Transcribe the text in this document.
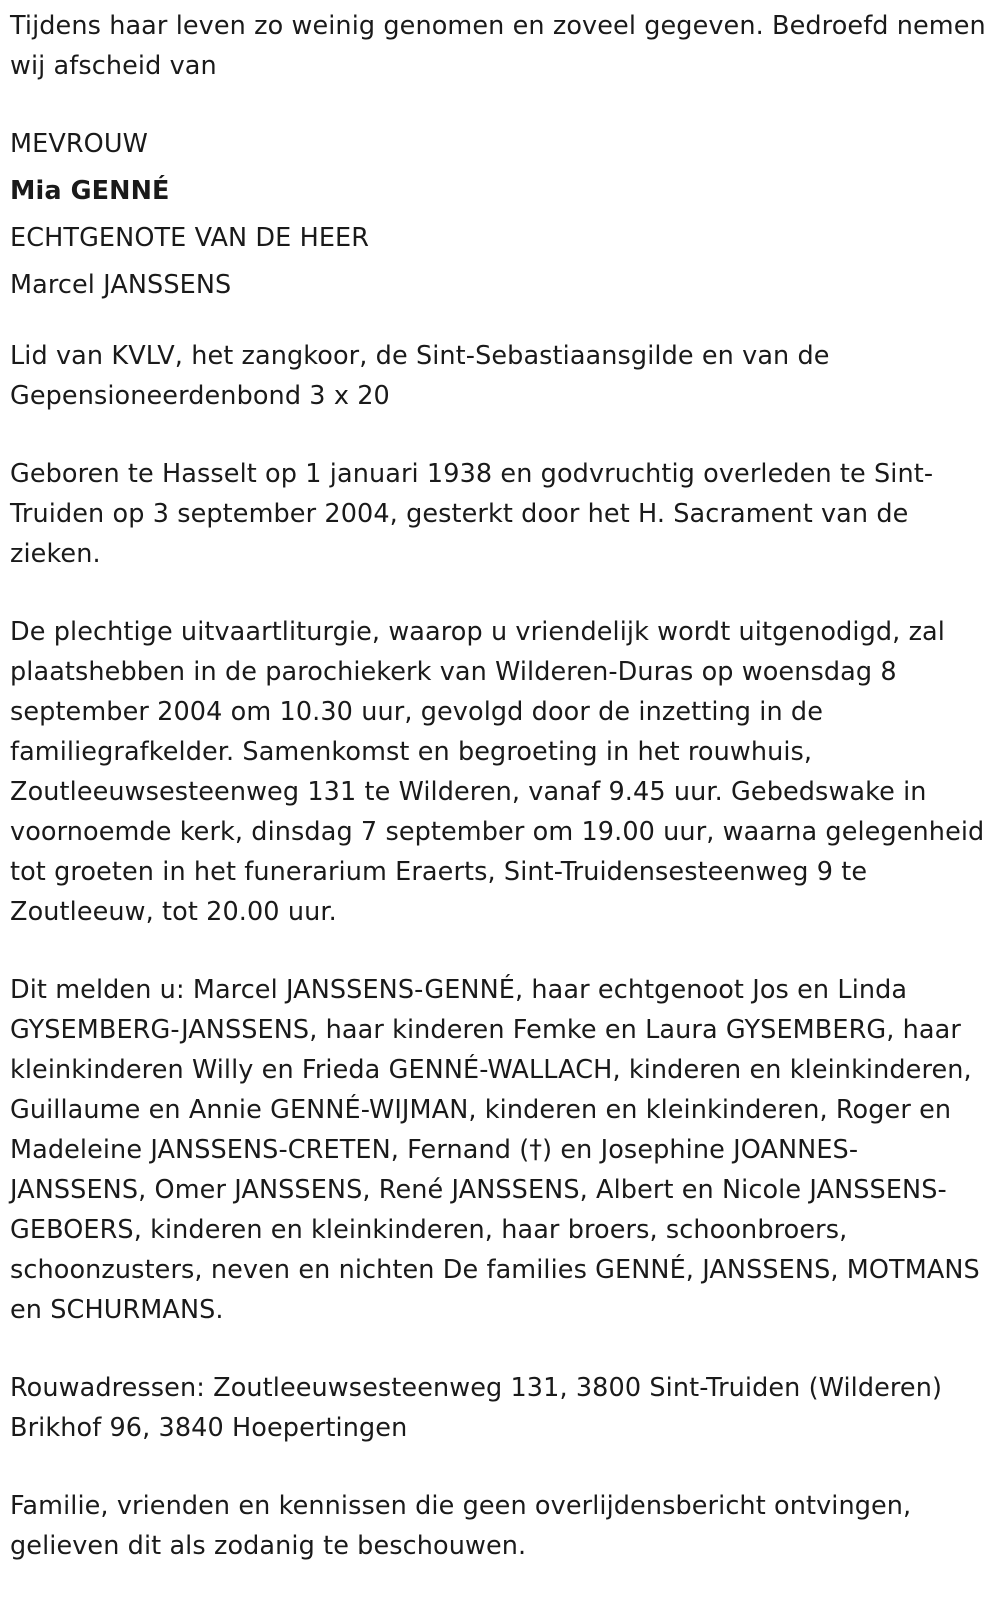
Tijdens haar leven zo weinig genomen en zoveel gegeven. Bedroefd nemen wij afscheid van

MEVROUW
Mia GENNÉ
ECHTGENOTE VAN DE HEER
Marcel JANSSENS

Lid van KVLV, het zangkoor, de Sint-Sebastiaansgilde en van de Gepensioneerdenbond 3 x 20

Geboren te Hasselt op 1 januari 1938 en godvruchtig overleden te Sint-Truiden op 3 september 2004, gesterkt door het H. Sacrament van de zieken.

De plechtige uitvaartliturgie, waarop u vriendelijk wordt uitgenodigd, zal plaatshebben in de parochiekerk van Wilderen-Duras op woensdag 8 september 2004 om 10.30 uur, gevolgd door de inzetting in de familiegrafkelder. Samenkomst en begroeting in het rouwhuis, Zoutleeuwsesteenweg 131 te Wilderen, vanaf 9.45 uur. Gebedswake in voornoemde kerk, dinsdag 7 september om 19.00 uur, waarna gelegenheid tot groeten in het funerarium Eraerts, Sint-Truidensesteenweg 9 te Zoutleeuw, tot 20.00 uur.

Dit melden u: Marcel JANSSENS-GENNÉ, haar echtgenoot Jos en Linda GYSEMBERG-JANSSENS, haar kinderen Femke en Laura GYSEMBERG, haar kleinkinderen Willy en Frieda GENNÉ-WALLACH, kinderen en kleinkinderen, Guillaume en Annie GENNÉ-WIJMAN, kinderen en kleinkinderen, Roger en Madeleine JANSSENS-CRETEN, Fernand (†) en Josephine JOANNES-JANSSENS, Omer JANSSENS, René JANSSENS, Albert en Nicole JANSSENS-GEBOERS, kinderen en kleinkinderen, haar broers, schoonbroers, schoonzusters, neven en nichten De families GENNÉ, JANSSENS, MOTMANS en SCHURMANS.

Rouwadressen: Zoutleeuwsesteenweg 131, 3800 Sint-Truiden (Wilderen)
Brikhof 96, 3840 Hoepertingen

Familie, vrienden en kennissen die geen overlijdensbericht ontvingen, gelieven dit als zodanig te beschouwen.
